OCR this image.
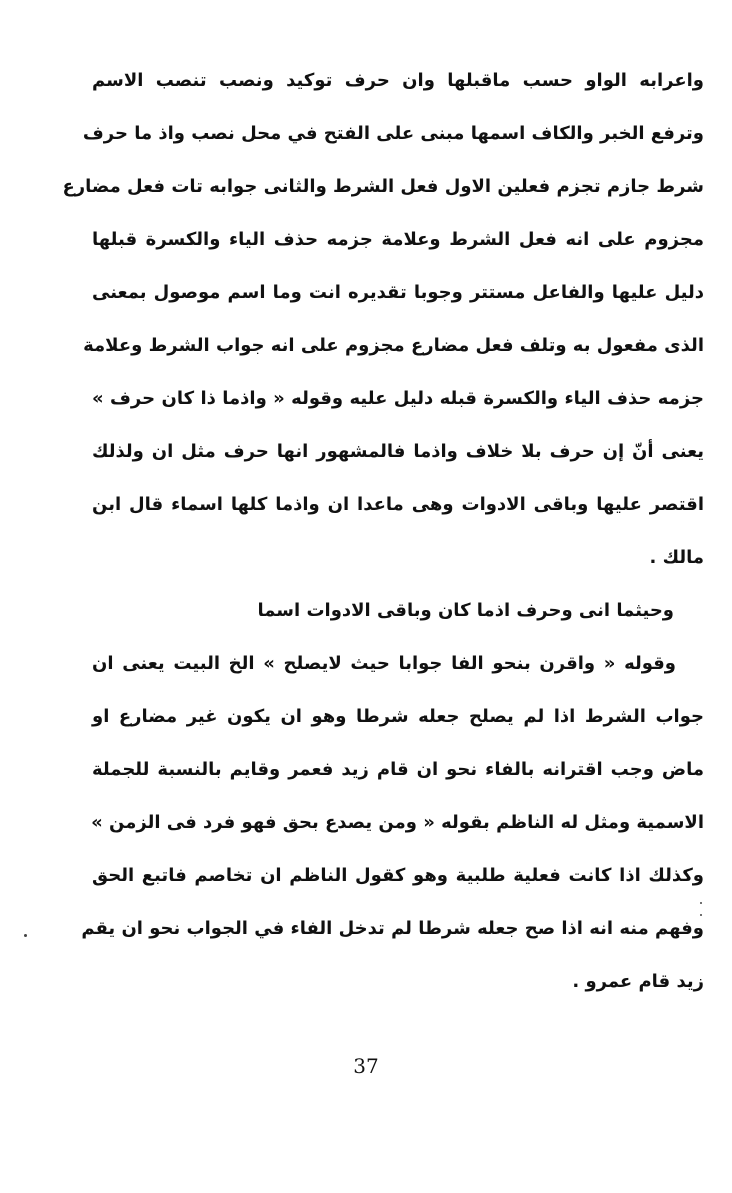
واعرابه الواو حسب ماقبلها وان حرف توكيد ونصب تنصب الاسم
وترفع الخبر والكاف اسمها مبنى على الفتح في محل نصب واذ ما حرف
شرط جازم تجزم فعلين الاول فعل الشرط والثانى جوابه تات فعل مضارع
مجزوم على انه فعل الشرط وعلامة جزمه حذف الياء والكسرة قبلها
دليل عليها والفاعل مستتر وجوبا تقديره انت وما اسم موصول بمعنى
الذى مفعول به وتلف فعل مضارع مجزوم على انه جواب الشرط وعلامة
جزمه حذف الياء والكسرة قبله دليل عليه وقوله « واذما ذا كان حرف »
يعنى أنّ إن حرف بلا خلاف واذما فالمشهور انها حرف مثل ان ولذلك
اقتصر عليها وباقى الادوات وهى ماعدا ان واذما كلها اسماء قال ابن
مالك .
وحيثما انى وحرف اذما كان وباقى الادوات اسما
وقوله « واقرن بنحو الفا جوابا حيث لايصلح » الخ البيت يعنى ان
جواب الشرط اذا لم يصلح جعله شرطا وهو ان يكون غير مضارع او
ماض وجب اقترانه بالفاء نحو ان قام زيد فعمر وقايم بالنسبة للجملة
الاسمية ومثل له الناظم بقوله « ومن يصدع بحق فهو فرد فى الزمن »
وكذلك اذا كانت فعلية طلبية وهو كقول الناظم ان تخاصم فاتبع الحق
وفهم منه انه اذا صح جعله شرطا لم تدخل الفاء في الجواب نحو ان يقم
زيد قام عمرو .
37
